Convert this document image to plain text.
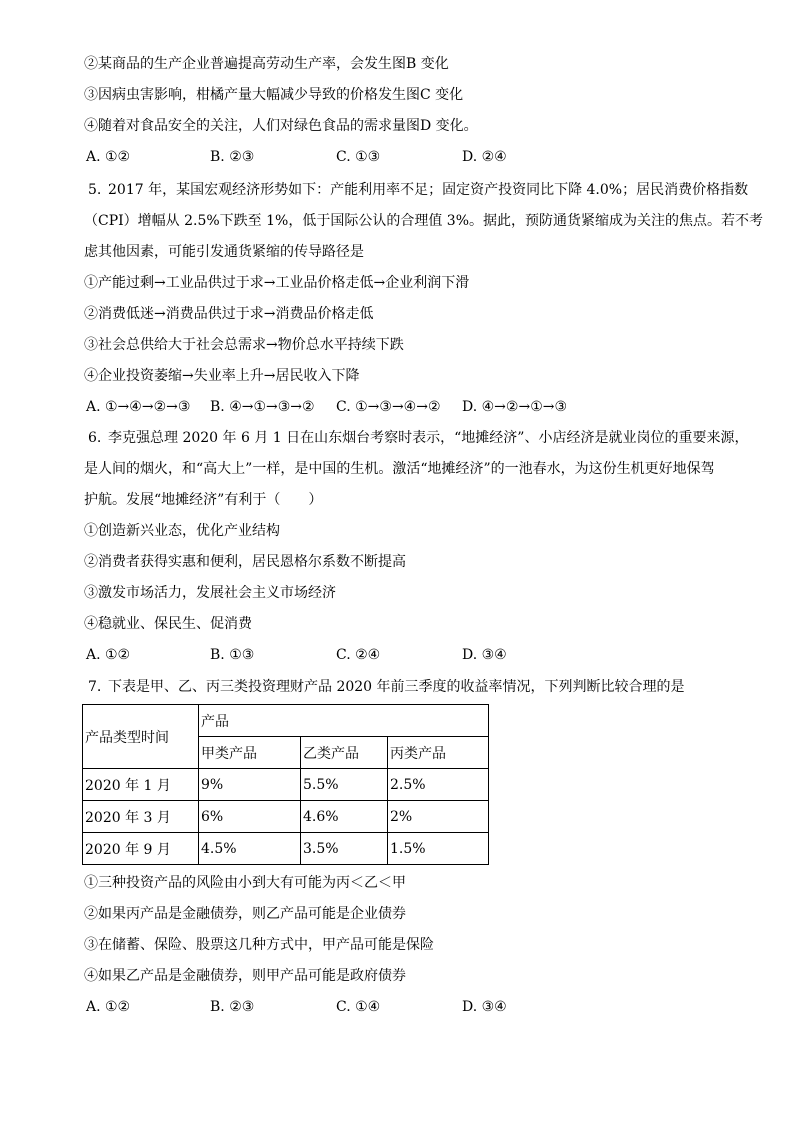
②某商品的生产企业普遍提高劳动生产率，会发生图B 变化
③因病虫害影响，柑橘产量大幅减少导致的价格发生图C 变化
④随着对食品安全的关注，人们对绿色食品的需求量图D 变化。
A. ①②	B. ②③	C. ①③	D. ②④
5. 2017 年，某国宏观经济形势如下：产能利用率不足；固定资产投资同比下降 4.0%；居民消费价格指数
（CPI）增幅从 2.5%下跌至 1%，低于国际公认的合理值 3%。据此，预防通货紧缩成为关注的焦点。若不考
虑其他因素，可能引发通货紧缩的传导路径是
①产能过剩→工业品供过于求→工业品价格走低→企业利润下滑
②消费低迷→消费品供过于求→消费品价格走低
③社会总供给大于社会总需求→物价总水平持续下跌
④企业投资萎缩→失业率上升→居民收入下降
A. ①→④→②→③ B. ④→①→③→② C. ①→③→④→② D. ④→②→①→③
6. 李克强总理 2020 年 6 月 1 日在山东烟台考察时表示，“地摊经济”、小店经济是就业岗位的重要来源，
是人间的烟火，和“高大上”一样，是中国的生机。激活“地摊经济”的一池春水，为这份生机更好地保驾
护航。发展“地摊经济”有利于（　　）
①创造新兴业态，优化产业结构
②消费者获得实惠和便利，居民恩格尔系数不断提高
③激发市场活力，发展社会主义市场经济
④稳就业、保民生、促消费
A. ①②	B. ①③	C. ②④	D. ③④
7. 下表是甲、乙、丙三类投资理财产品 2020 年前三季度的收益率情况，下列判断比较合理的是
产品类型时间	产品		
	甲类产品	乙类产品	丙类产品
2020 年 1 月	9%	5.5%	2.5%
2020 年 3 月	6%	4.6%	2%
2020 年 9 月	4.5%	3.5%	1.5%
①三种投资产品的风险由小到大有可能为丙＜乙＜甲
②如果丙产品是金融债券，则乙产品可能是企业债券
③在储蓄、保险、股票这几种方式中，甲产品可能是保险
④如果乙产品是金融债券，则甲产品可能是政府债券
A. ①②	B. ②③	C. ①④	D. ③④
